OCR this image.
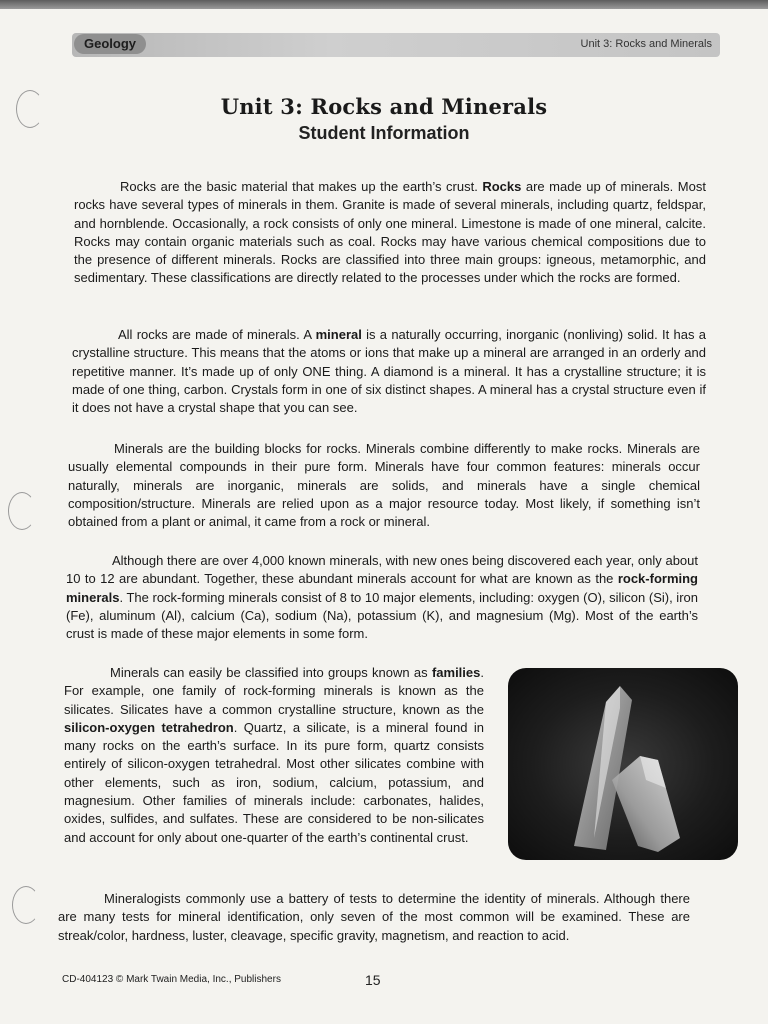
Geology	Unit 3: Rocks and Minerals
Unit 3: Rocks and Minerals
Student Information

Rocks are the basic material that makes up the earth’s crust. Rocks are made up of minerals. Most rocks have several types of minerals in them. Granite is made of several minerals, including quartz, feldspar, and hornblende. Occasionally, a rock consists of only one mineral. Limestone is made of one mineral, calcite. Rocks may contain organic materials such as coal. Rocks may have various chemical compositions due to the presence of different minerals. Rocks are classified into three main groups: igneous, metamorphic, and sedimentary. These classifications are directly related to the processes under which the rocks are formed.

All rocks are made of minerals. A mineral is a naturally occurring, inorganic (nonliving) solid. It has a crystalline structure. This means that the atoms or ions that make up a mineral are arranged in an orderly and repetitive manner. It’s made up of only ONE thing. A diamond is a mineral. It has a crystalline structure; it is made of one thing, carbon. Crystals form in one of six distinct shapes. A mineral has a crystal structure even if it does not have a crystal shape that you can see.

Minerals are the building blocks for rocks. Minerals combine differently to make rocks. Minerals are usually elemental compounds in their pure form. Minerals have four common features: minerals occur naturally, minerals are inorganic, minerals are solids, and minerals have a single chemical composition/structure. Minerals are relied upon as a major resource today. Most likely, if something isn’t obtained from a plant or animal, it came from a rock or mineral.

Although there are over 4,000 known minerals, with new ones being discovered each year, only about 10 to 12 are abundant. Together, these abundant minerals account for what are known as the rock-forming minerals. The rock-forming minerals consist of 8 to 10 major elements, including: oxygen (O), silicon (Si), iron (Fe), aluminum (Al), calcium (Ca), sodium (Na), potassium (K), and magnesium (Mg). Most of the earth’s crust is made of these major elements in some form.

Minerals can easily be classified into groups known as families. For example, one family of rock-forming minerals is known as the silicates. Silicates have a common crystalline structure, known as the silicon-oxygen tetrahedron. Quartz, a silicate, is a mineral found in many rocks on the earth’s surface. In its pure form, quartz consists entirely of silicon-oxygen tetrahedral. Most other silicates combine with other elements, such as iron, sodium, calcium, potassium, and magnesium. Other families of minerals include: carbonates, halides, oxides, sulfides, and sulfates. These are considered to be non-silicates and account for only about one-quarter of the earth’s continental crust.

Mineralogists commonly use a battery of tests to determine the identity of minerals. Although there are many tests for mineral identification, only seven of the most common will be examined. These are streak/color, hardness, luster, cleavage, specific gravity, magnetism, and reaction to acid.

CD-404123 © Mark Twain Media, Inc., Publishers	15
